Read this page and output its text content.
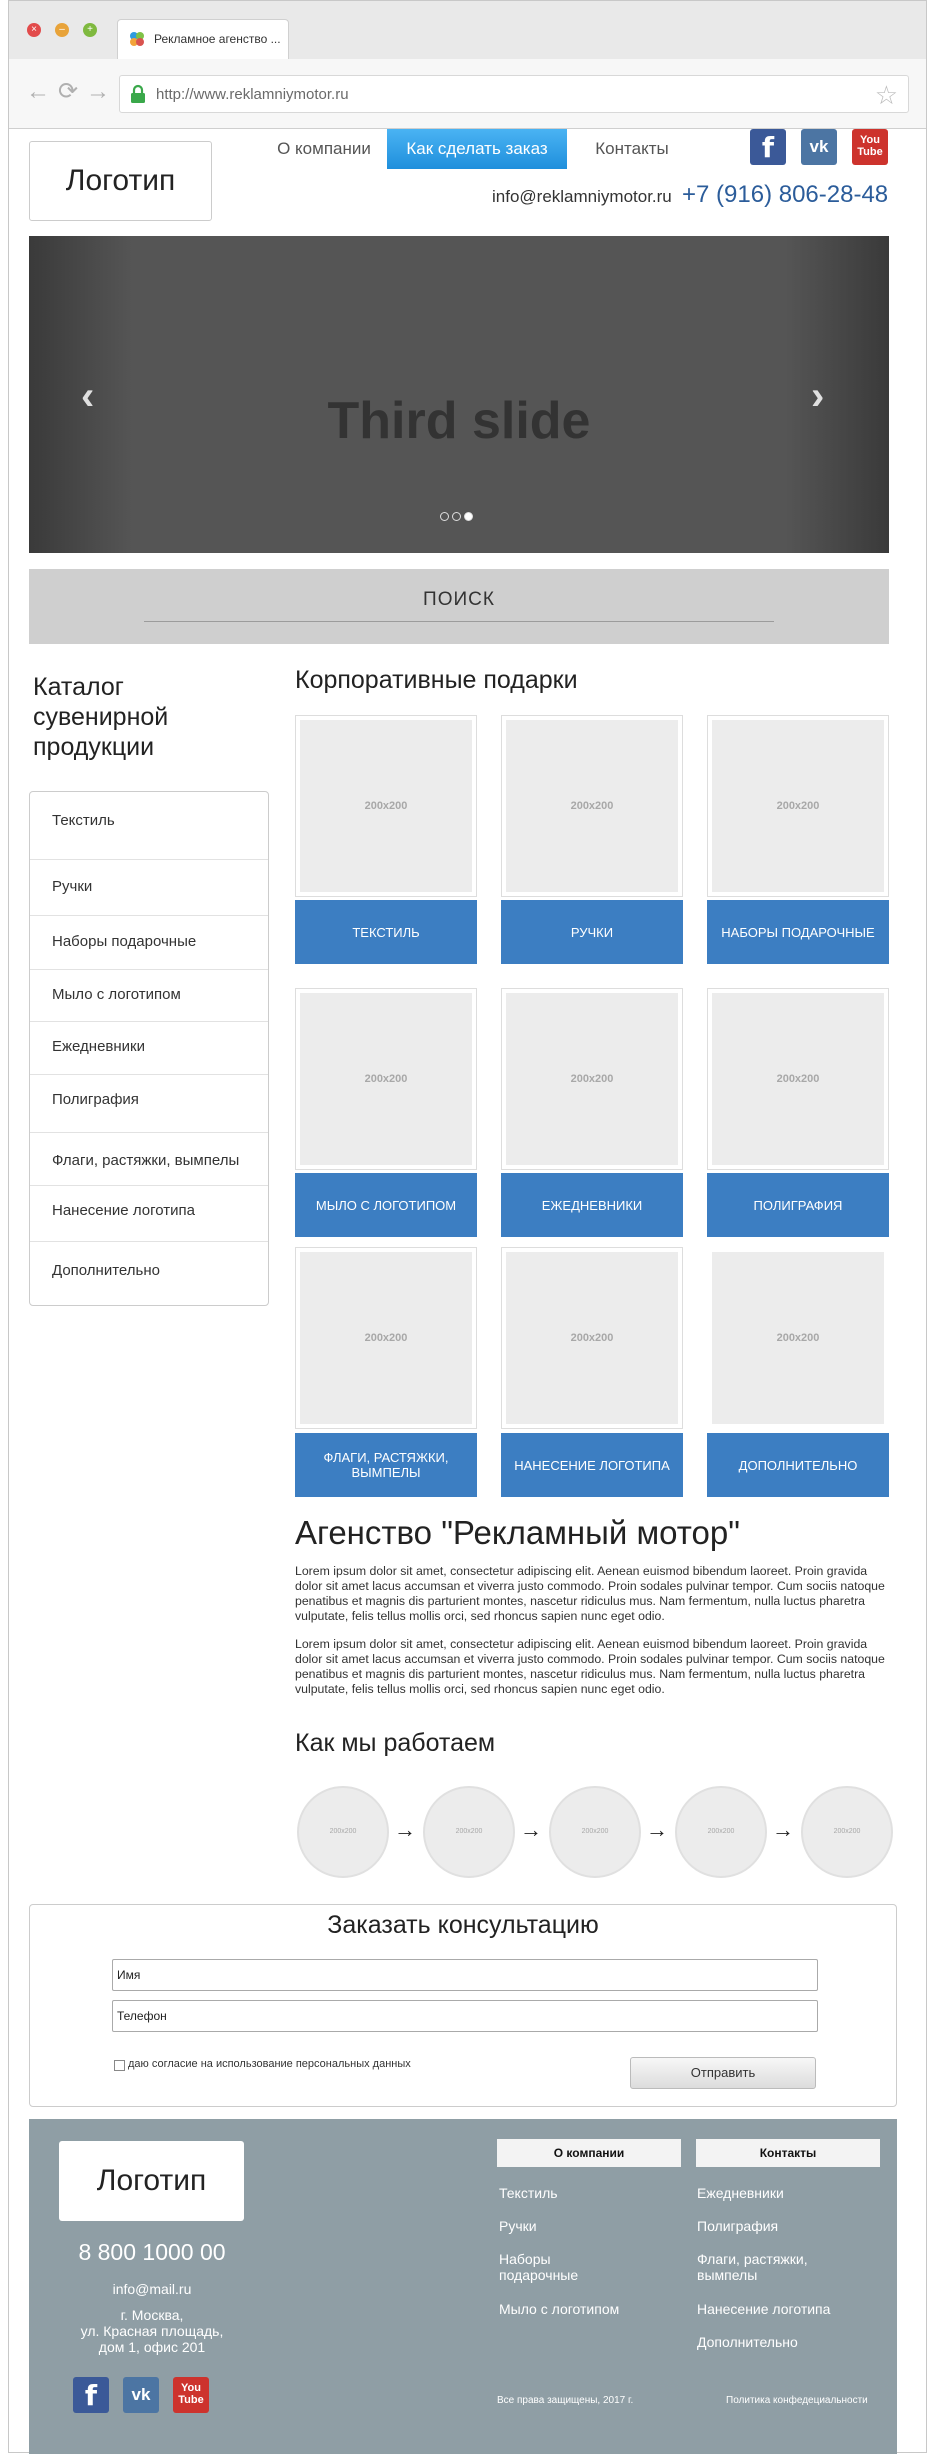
×	–	+
Рекламное агенство ...
← ⟳ →	http://www.reklamniymotor.ru	☆
Логотип
О компании	Как сделать заказ	Контакты	f	vk	You Tube
info@reklamniymotor.ru +7 (916) 806-28-48
‹	›
Third slide
ПОИСК
Каталог сувенирной продукции
Текстиль
Ручки
Наборы подарочные
Мыло с логотипом
Ежедневники
Полиграфия
Флаги, растяжки, вымпелы
Нанесение логотипа
Дополнительно
Корпоративные подарки
200x200
ТЕКСТИЛЬ
200x200
РУЧКИ
200x200
НАБОРЫ ПОДАРОЧНЫЕ
200x200
МЫЛО С ЛОГОТИПОМ
200x200
ЕЖЕДНЕВНИКИ
200x200
ПОЛИГРАФИЯ
200x200
ФЛАГИ, РАСТЯЖКИ, ВЫМПЕЛЫ
200x200
НАНЕСЕНИЕ ЛОГОТИПА
200x200
ДОПОЛНИТЕЛЬНО
Агенство "Рекламный мотор"
Lorem ipsum dolor sit amet, consectetur adipiscing elit. Aenean euismod bibendum laoreet. Proin gravida dolor sit amet lacus accumsan et viverra justo commodo. Proin sodales pulvinar tempor. Cum sociis natoque penatibus et magnis dis parturient montes, nascetur ridiculus mus. Nam fermentum, nulla luctus pharetra vulputate, felis tellus mollis orci, sed rhoncus sapien nunc eget odio.
Lorem ipsum dolor sit amet, consectetur adipiscing elit. Aenean euismod bibendum laoreet. Proin gravida dolor sit amet lacus accumsan et viverra justo commodo. Proin sodales pulvinar tempor. Cum sociis natoque penatibus et magnis dis parturient montes, nascetur ridiculus mus. Nam fermentum, nulla luctus pharetra vulputate, felis tellus mollis orci, sed rhoncus sapien nunc eget odio.
Как мы работаем
200x200	→	200x200	→	200x200	→	200x200	→	200x200
Заказать консультацию
Имя
Телефон
даю согласие на использование персональных данных
Отправить
Логотип
8 800 1000 00
info@mail.ru
г. Москва,
ул. Красная площадь,
дом 1, офис 201
f	vk	You Tube
О компании
Текстиль
Ручки
Наборы подарочные
Мыло с логотипом
Контакты
Ежедневники
Полиграфия
Флаги, растяжки, вымпелы
Нанесение логотипа
Дополнительно
Все права защищены, 2017 г.	Политика конфедециальности
